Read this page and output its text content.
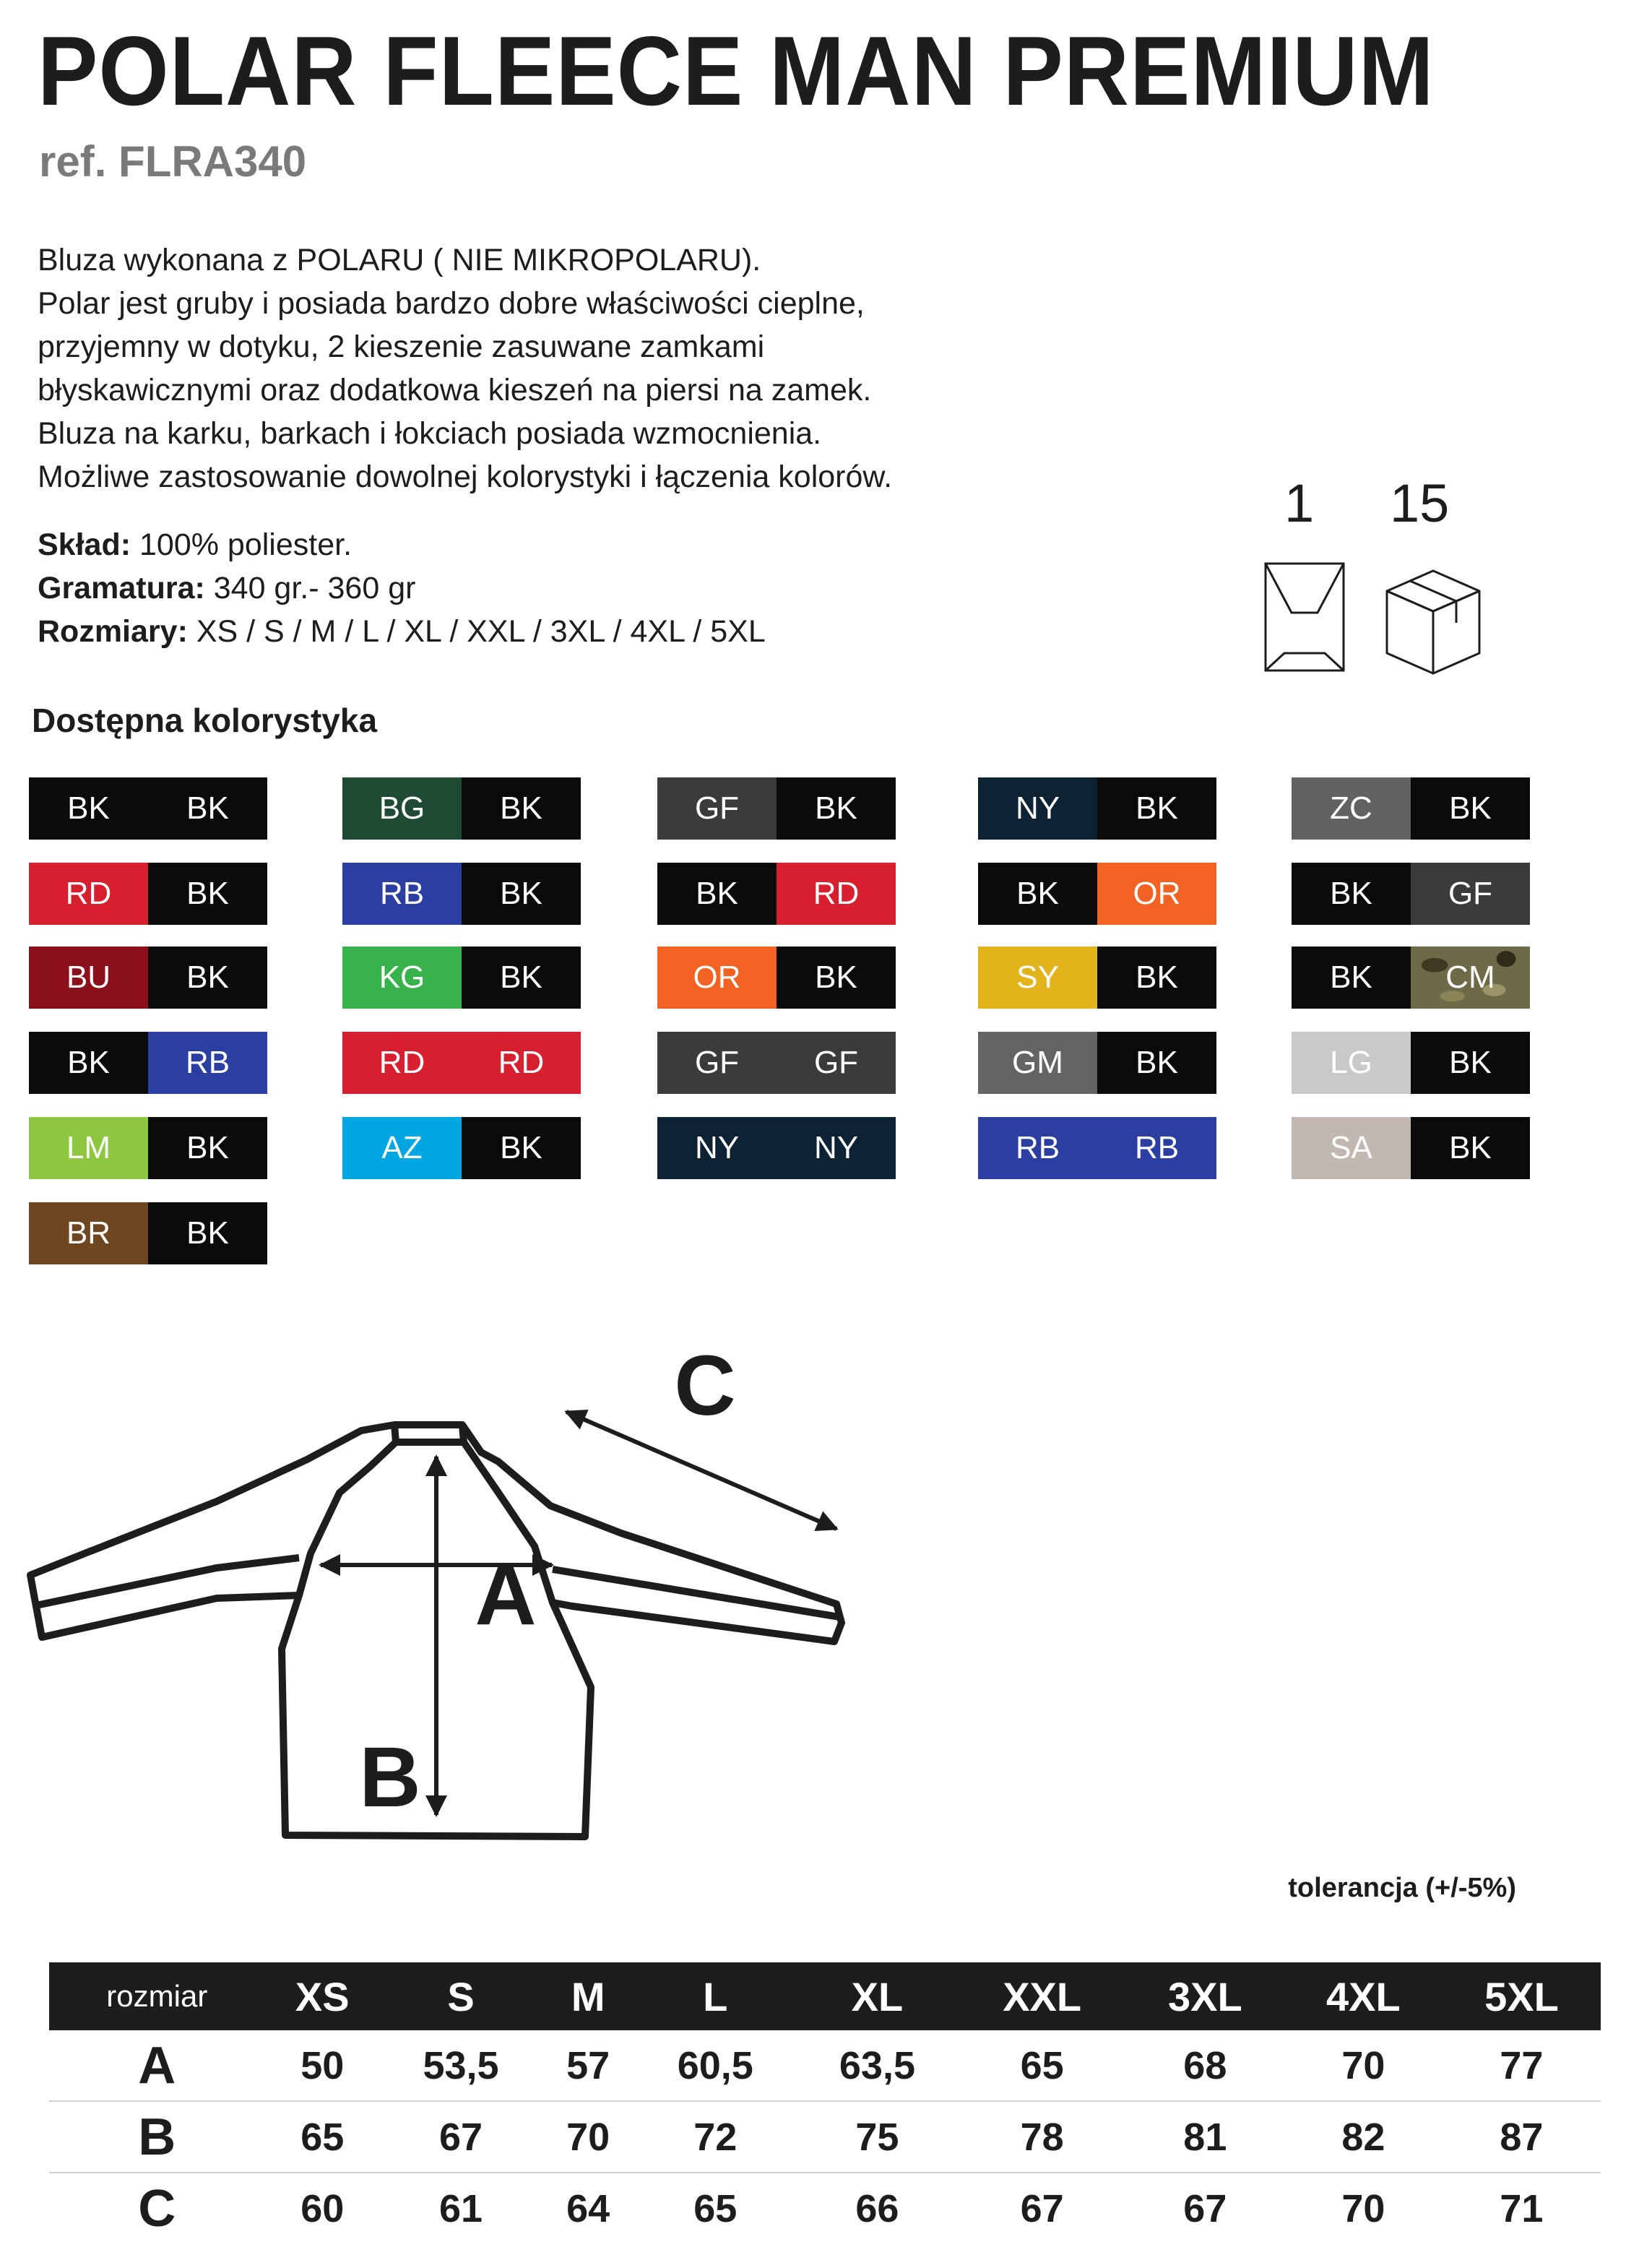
POLAR FLEECE MAN PREMIUM
ref. FLRA340
Bluza wykonana z POLARU ( NIE MIKROPOLARU).
Polar jest gruby i posiada bardzo dobre właściwości cieplne,
przyjemny w dotyku, 2 kieszenie zasuwane zamkami
błyskawicznymi oraz dodatkowa kieszeń na piersi na zamek.
Bluza na karku, barkach i łokciach posiada wzmocnienia.
Możliwe zastosowanie dowolnej kolorystyki i łączenia kolorów.
Skład: 100% poliester.
Gramatura: 340 gr.- 360 gr
Rozmiary: XS / S / M / L / XL / XXL / 3XL / 4XL / 5XL
1 15
Dostępna kolorystyka
BK	BK
RD	BK
BU	BK
BK	RB
LM	BK
BR	BK
BG	BK
RB	BK
KG	BK
RD	RD
AZ	BK
GF	BK
BK	RD
OR	BK
GF	GF
NY	NY
NY	BK
BK	OR
SY	BK
GM	BK
RB	RB
ZC	BK
BK	GF
BK	CM
LG	BK
SA	BK
A
B
C
tolerancja (+/-5%)
rozmiar	XS	S	M	L	XL	XXL	3XL	4XL	5XL
A	50	53,5	57	60,5	63,5	65	68	70	77
B	65	67	70	72	75	78	81	82	87
C	60	61	64	65	66	67	67	70	71
